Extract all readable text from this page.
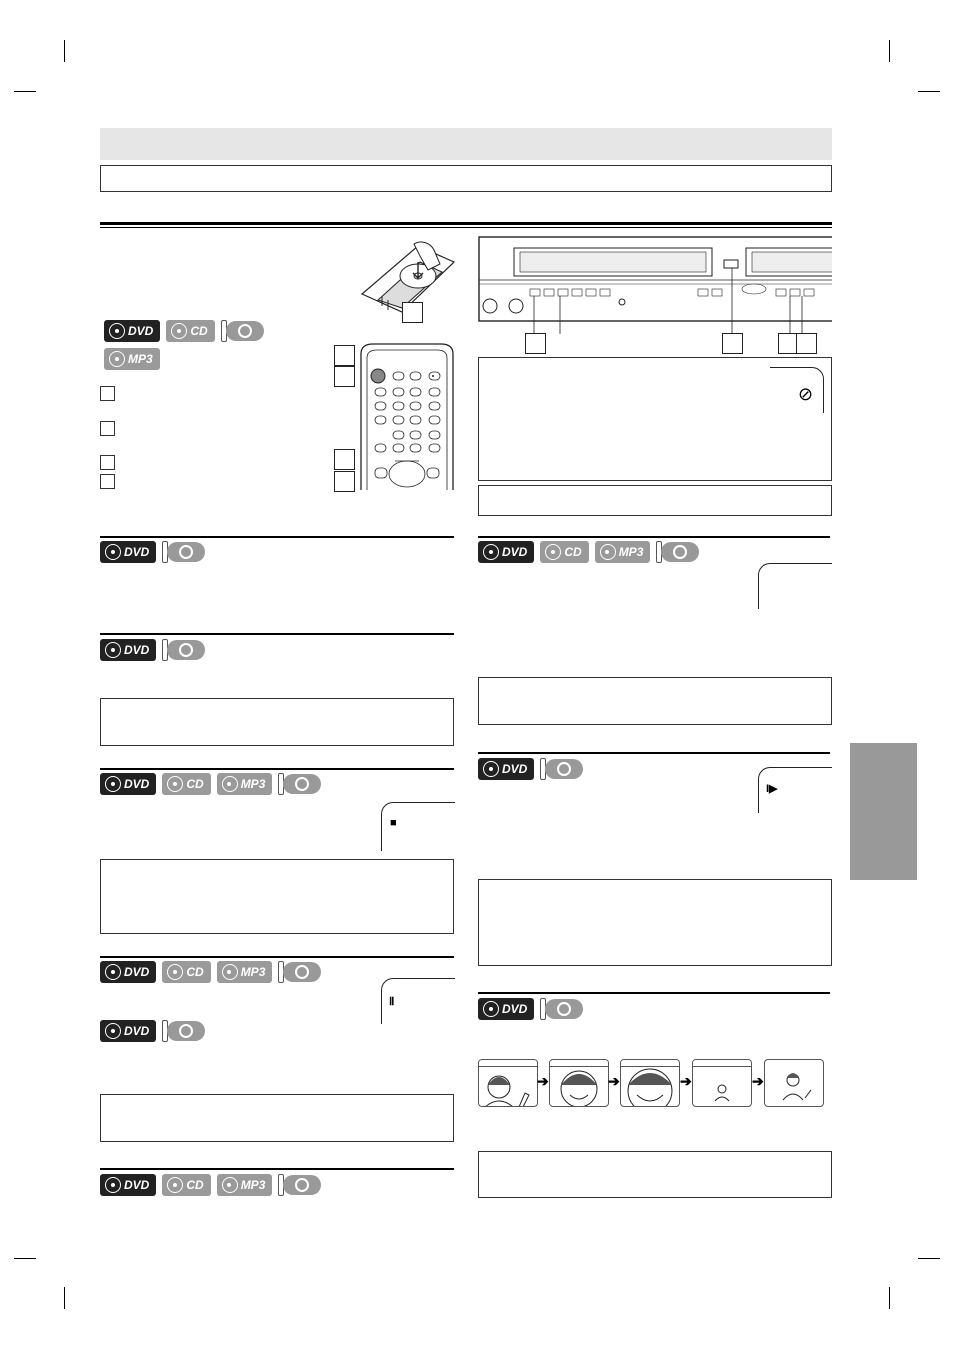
DVD	CD
MP3
DVD
DVD
DVD	CD	MP3
■
DVD	CD	MP3
Ⅱ
DVD
DVD	CD	MP3
⊘
DVD	CD	MP3
DVD
I▶
DVD
➔	➔	➔	➔
